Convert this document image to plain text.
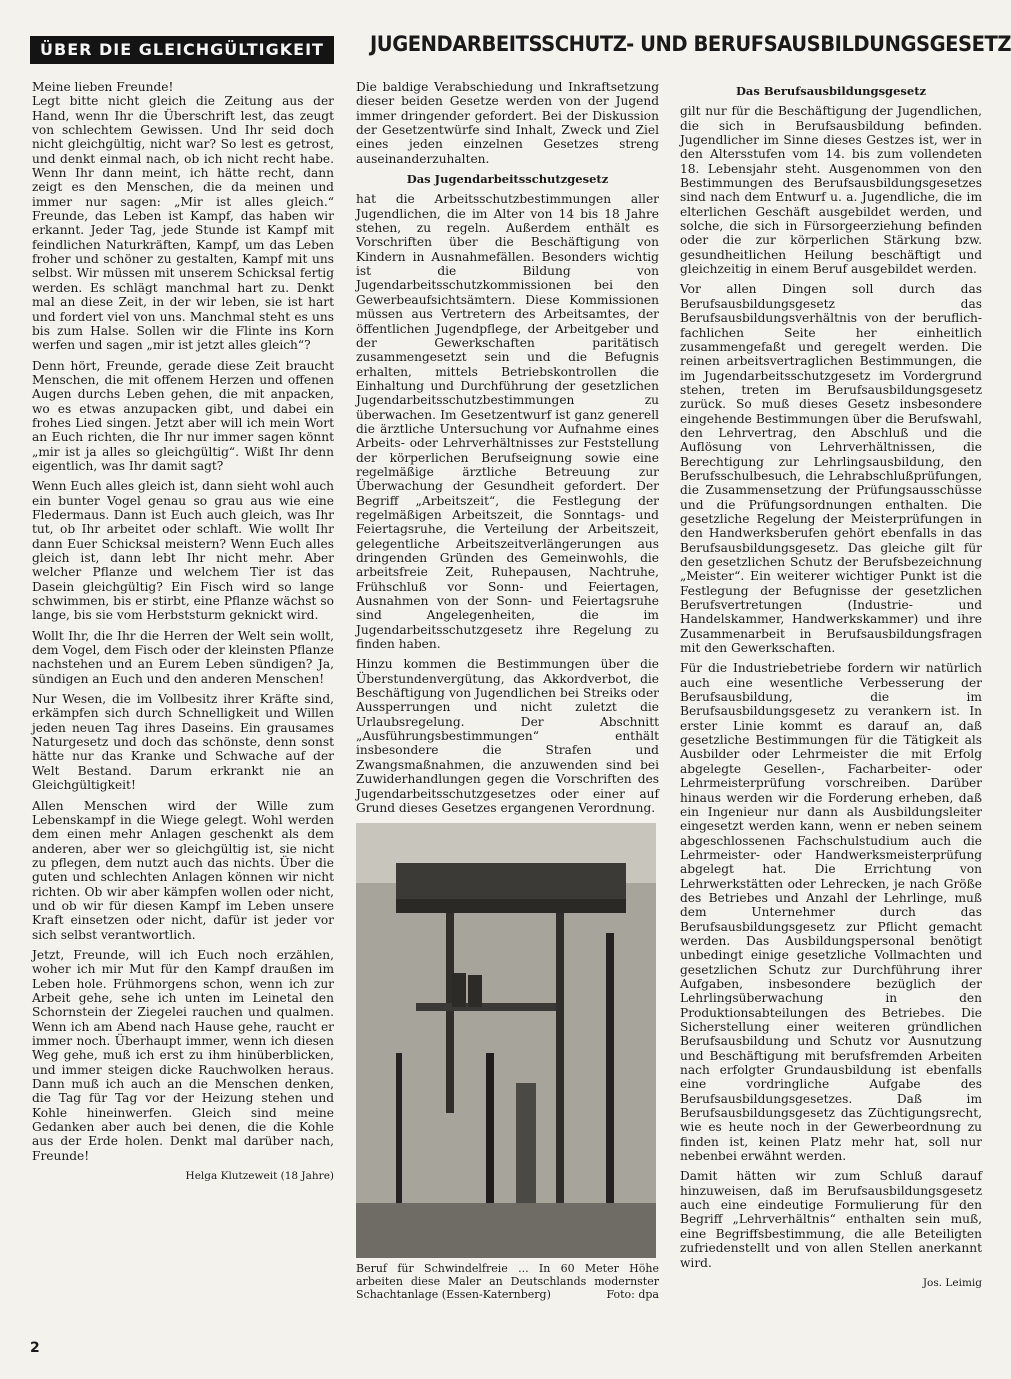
ÜBER DIE GLEICHGÜLTIGKEIT	JUGENDARBEITSSCHUTZ- UND BERUFSAUSBILDUNGSGESETZ

Meine lieben Freunde!
Legt bitte nicht gleich die Zeitung aus der Hand, wenn Ihr die Überschrift lest, das zeugt von schlechtem Gewissen. Und Ihr seid doch nicht gleichgültig, nicht war? So lest es getrost, und denkt einmal nach, ob ich nicht recht habe. Wenn Ihr dann meint, ich hätte recht, dann zeigt es den Menschen, die da meinen und immer nur sagen: „Mir ist alles gleich.“ Freunde, das Leben ist Kampf, das haben wir erkannt. Jeder Tag, jede Stunde ist Kampf mit feindlichen Naturkräften, Kampf, um das Leben froher und schöner zu gestalten, Kampf mit uns selbst. Wir müssen mit unserem Schicksal fertig werden. Es schlägt manchmal hart zu. Denkt mal an diese Zeit, in der wir leben, sie ist hart und fordert viel von uns. Manchmal steht es uns bis zum Halse. Sollen wir die Flinte ins Korn werfen und sagen „mir ist jetzt alles gleich“?

Denn hört, Freunde, gerade diese Zeit braucht Menschen, die mit offenem Herzen und offenen Augen durchs Leben gehen, die mit anpacken, wo es etwas anzupacken gibt, und dabei ein frohes Lied singen. Jetzt aber will ich mein Wort an Euch richten, die Ihr nur immer sagen könnt „mir ist ja alles so gleichgültig“. Wißt Ihr denn eigentlich, was Ihr damit sagt?

Wenn Euch alles gleich ist, dann sieht wohl auch ein bunter Vogel genau so grau aus wie eine Fledermaus. Dann ist Euch auch gleich, was Ihr tut, ob Ihr arbeitet oder schlaft. Wie wollt Ihr dann Euer Schicksal meistern? Wenn Euch alles gleich ist, dann lebt Ihr nicht mehr. Aber welcher Pflanze und welchem Tier ist das Dasein gleichgültig? Ein Fisch wird so lange schwimmen, bis er stirbt, eine Pflanze wächst so lange, bis sie vom Herbststurm geknickt wird.

Wollt Ihr, die Ihr die Herren der Welt sein wollt, dem Vogel, dem Fisch oder der kleinsten Pflanze nachstehen und an Eurem Leben sündigen? Ja, sündigen an Euch und den anderen Menschen!

Nur Wesen, die im Vollbesitz ihrer Kräfte sind, erkämpfen sich durch Schnelligkeit und Willen jeden neuen Tag ihres Daseins. Ein grausames Naturgesetz und doch das schönste, denn sonst hätte nur das Kranke und Schwache auf der Welt Bestand. Darum erkrankt nie an Gleichgültigkeit!

Allen Menschen wird der Wille zum Lebenskampf in die Wiege gelegt. Wohl werden dem einen mehr Anlagen geschenkt als dem anderen, aber wer so gleichgültig ist, sie nicht zu pflegen, dem nutzt auch das nichts. Über die guten und schlechten Anlagen können wir nicht richten. Ob wir aber kämpfen wollen oder nicht, und ob wir für diesen Kampf im Leben unsere Kraft einsetzen oder nicht, dafür ist jeder vor sich selbst verantwortlich.

Jetzt, Freunde, will ich Euch noch erzählen, woher ich mir Mut für den Kampf draußen im Leben hole. Frühmorgens schon, wenn ich zur Arbeit gehe, sehe ich unten im Leinetal den Schornstein der Ziegelei rauchen und qualmen. Wenn ich am Abend nach Hause gehe, raucht er immer noch. Überhaupt immer, wenn ich diesen Weg gehe, muß ich erst zu ihm hinüberblicken, und immer steigen dicke Rauchwolken heraus. Dann muß ich auch an die Menschen denken, die Tag für Tag vor der Heizung stehen und Kohle hineinwerfen. Gleich sind meine Gedanken aber auch bei denen, die die Kohle aus der Erde holen. Denkt mal darüber nach, Freunde!

Helga Klutzeweit (18 Jahre)

Die baldige Verabschiedung und Inkraftsetzung dieser beiden Gesetze werden von der Jugend immer dringender gefordert. Bei der Diskussion der Gesetzentwürfe sind Inhalt, Zweck und Ziel eines jeden einzelnen Gesetzes streng auseinanderzuhalten.

Das Jugendarbeitsschutzgesetz

hat die Arbeitsschutzbestimmungen aller Jugendlichen, die im Alter von 14 bis 18 Jahre stehen, zu regeln. Außerdem enthält es Vorschriften über die Beschäftigung von Kindern in Ausnahmefällen. Besonders wichtig ist die Bildung von Jugendarbeitsschutzkommissionen bei den Gewerbeaufsichtsämtern. Diese Kommissionen müssen aus Vertretern des Arbeitsamtes, der öffentlichen Jugendpflege, der Arbeitgeber und der Gewerkschaften paritätisch zusammengesetzt sein und die Befugnis erhalten, mittels Betriebskontrollen die Einhaltung und Durchführung der gesetzlichen Jugendarbeitsschutzbestimmungen zu überwachen. Im Gesetzentwurf ist ganz generell die ärztliche Untersuchung vor Aufnahme eines Arbeits- oder Lehrverhältnisses zur Feststellung der körperlichen Berufseignung sowie eine regelmäßige ärztliche Betreuung zur Überwachung der Gesundheit gefordert. Der Begriff „Arbeitszeit“, die Festlegung der regelmäßigen Arbeitszeit, die Sonntags- und Feiertagsruhe, die Verteilung der Arbeitszeit, gelegentliche Arbeitszeitverlängerungen aus dringenden Gründen des Gemeinwohls, die arbeitsfreie Zeit, Ruhepausen, Nachtruhe, Frühschluß vor Sonn- und Feiertagen, Ausnahmen von der Sonn- und Feiertagsruhe sind Angelegenheiten, die im Jugendarbeitsschutzgesetz ihre Regelung zu finden haben.

Hinzu kommen die Bestimmungen über die Überstundenvergütung, das Akkordverbot, die Beschäftigung von Jugendlichen bei Streiks oder Aussperrungen und nicht zuletzt die Urlaubsregelung. Der Abschnitt „Ausführungsbestimmungen“ enthält insbesondere die Strafen und Zwangsmaßnahmen, die anzuwenden sind bei Zuwiderhandlungen gegen die Vorschriften des Jugendarbeitsschutzgesetzes oder einer auf Grund dieses Gesetzes ergangenen Verordnung.

Beruf für Schwindelfreie ... In 60 Meter Höhe arbeiten diese Maler an Deutschlands modernster Schachtanlage (Essen-Katernberg)	Foto: dpa
Das Berufsausbildungsgesetz

gilt nur für die Beschäftigung der Jugendlichen, die sich in Berufsausbildung befinden. Jugendlicher im Sinne dieses Gestzes ist, wer in den Altersstufen vom 14. bis zum vollendeten 18. Lebensjahr steht. Ausgenommen von den Bestimmungen des Berufsausbildungsgesetzes sind nach dem Entwurf u. a. Jugendliche, die im elterlichen Geschäft ausgebildet werden, und solche, die sich in Fürsorgeerziehung befinden oder die zur körperlichen Stärkung bzw. gesundheitlichen Heilung beschäftigt und gleichzeitig in einem Beruf ausgebildet werden.

Vor allen Dingen soll durch das Berufsausbildungsgesetz das Berufsausbildungsverhältnis von der beruflich-fachlichen Seite her einheitlich zusammengefaßt und geregelt werden. Die reinen arbeitsvertraglichen Bestimmungen, die im Jugendarbeitsschutzgesetz im Vordergrund stehen, treten im Berufsausbildungsgesetz zurück. So muß dieses Gesetz insbesondere eingehende Bestimmungen über die Berufswahl, den Lehrvertrag, den Abschluß und die Auflösung von Lehrverhältnissen, die Berechtigung zur Lehrlingsausbildung, den Berufsschulbesuch, die Lehrabschlußprüfungen, die Zusammensetzung der Prüfungsausschüsse und die Prüfungsordnungen enthalten. Die gesetzliche Regelung der Meisterprüfungen in den Handwerksberufen gehört ebenfalls in das Berufsausbildungsgesetz. Das gleiche gilt für den gesetzlichen Schutz der Berufsbezeichnung „Meister“. Ein weiterer wichtiger Punkt ist die Festlegung der Befugnisse der gesetzlichen Berufsvertretungen (Industrie- und Handelskammer, Handwerkskammer) und ihre Zusammenarbeit in Berufsausbildungsfragen mit den Gewerkschaften.

Für die Industriebetriebe fordern wir natürlich auch eine wesentliche Verbesserung der Berufsausbildung, die im Berufsausbildungsgesetz zu verankern ist. In erster Linie kommt es darauf an, daß gesetzliche Bestimmungen für die Tätigkeit als Ausbilder oder Lehrmeister die mit Erfolg abgelegte Gesellen-, Facharbeiter- oder Lehrmeisterprüfung vorschreiben. Darüber hinaus werden wir die Forderung erheben, daß ein Ingenieur nur dann als Ausbildungsleiter eingesetzt werden kann, wenn er neben seinem abgeschlossenen Fachschulstudium auch die Lehrmeister- oder Handwerksmeisterprüfung abgelegt hat. Die Errichtung von Lehrwerkstätten oder Lehrecken, je nach Größe des Betriebes und Anzahl der Lehrlinge, muß dem Unternehmer durch das Berufsausbildungsgesetz zur Pflicht gemacht werden. Das Ausbildungspersonal benötigt unbedingt einige gesetzliche Vollmachten und gesetzlichen Schutz zur Durchführung ihrer Aufgaben, insbesondere bezüglich der Lehrlingsüberwachung in den Produktionsabteilungen des Betriebes. Die Sicherstellung einer weiteren gründlichen Berufsausbildung und Schutz vor Ausnutzung und Beschäftigung mit berufsfremden Arbeiten nach erfolgter Grundausbildung ist ebenfalls eine vordringliche Aufgabe des Berufsausbildungsgesetzes. Daß im Berufsausbildungsgesetz das Züchtigungsrecht, wie es heute noch in der Gewerbeordnung zu finden ist, keinen Platz mehr hat, soll nur nebenbei erwähnt werden.

Damit hätten wir zum Schluß darauf hinzuweisen, daß im Berufsausbildungsgesetz auch eine eindeutige Formulierung für den Begriff „Lehrverhältnis“ enthalten sein muß, eine Begriffsbestimmung, die alle Beteiligten zufriedenstellt und von allen Stellen anerkannt wird.

Jos. Leimig
2
